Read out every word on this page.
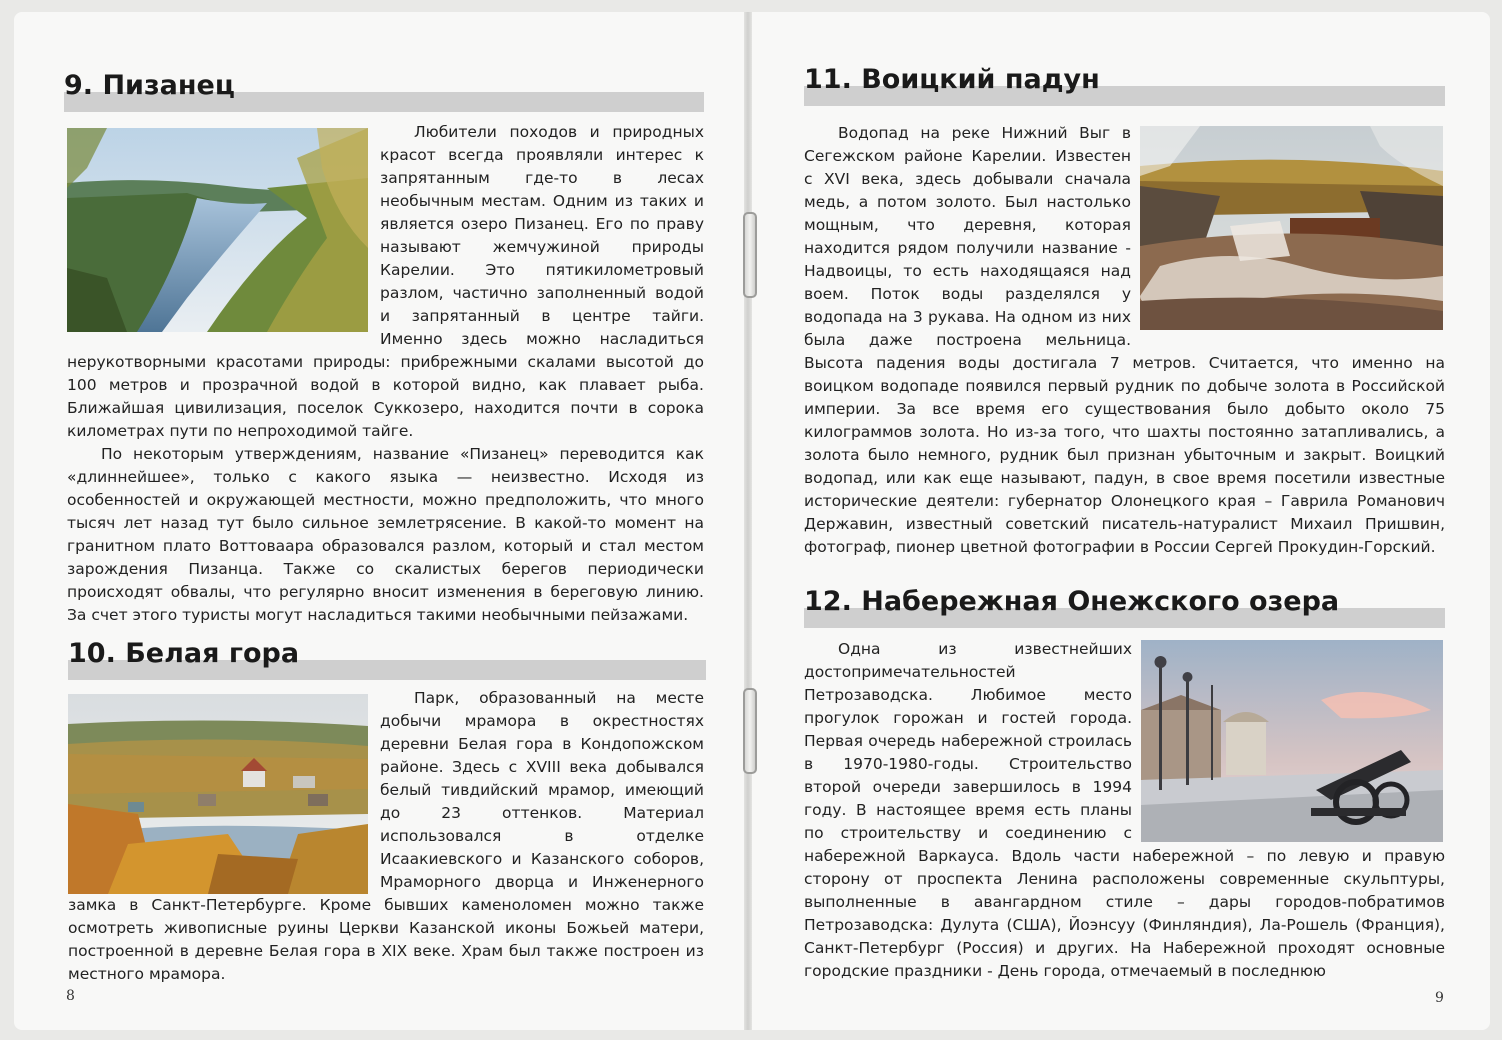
9. Пизанец

Любители походов и природных красот всегда проявляли интерес к запрятанным где-то в лесах необычным местам. Одним из таких и является озеро Пизанец. Его по праву называют жемчужиной природы Карелии. Это пятикилометровый разлом, частично заполненный водой и запрятанный в центре тайги. Именно здесь можно насладиться нерукотворными красотами природы: прибрежными скалами высотой до 100 метров и прозрачной водой в которой видно, как плавает рыба. Ближайшая цивилизация, поселок Суккозеро, находится почти в сорока километрах пути по непроходимой тайге.
По некоторым утверждениям, название «Пизанец» переводится как «длиннейшее», только с какого языка — неизвестно. Исходя из особенностей и окружающей местности, можно предположить, что много тысяч лет назад тут было сильное землетрясение. В какой-то момент на гранитном плато Воттоваара образовался разлом, который и стал местом зарождения Пизанца. Также со скалистых берегов периодически происходят обвалы, что регулярно вносит изменения в береговую линию. За счет этого туристы могут насладиться такими необычными пейзажами.

10. Белая гора

Парк, образованный на месте добычи мрамора в окрестностях деревни Белая гора в Кондопожском районе. Здесь с XVIII века добывался белый тивдийский мрамор, имеющий до 23 оттенков. Материал использовался в отделке Исаакиевского и Казанского соборов, Мраморного дворца и Инженерного замка в Санкт-Петербурге. Кроме бывших каменоломен можно также осмотреть живописные руины Церкви Казанской иконы Божьей матери, построенной в деревне Белая гора в XIX веке. Храм был также построен из местного мрамора.

8
11. Воицкий падун

Водопад на реке Нижний Выг в Сегежском районе Карелии. Известен с XVI века, здесь добывали сначала медь, а потом золото. Был настолько мощным, что деревня, которая находится рядом получили название - Надвоицы, то есть находящаяся над воем. Поток воды разделялся у водопада на 3 рукава. На одном из них была даже построена мельница. Высота падения воды достигала 7 метров. Считается, что именно на воицком водопаде появился первый рудник по добыче золота в Российской империи. За все время его существования было добыто около 75 килограммов золота. Но из-за того, что шахты постоянно затапливались, а золота было немного, рудник был признан убыточным и закрыт. Воицкий водопад, или как еще называют, падун, в свое время посетили известные исторические деятели: губернатор Олонецкого края – Гаврила Романович Державин, известный советский писатель-натуралист Михаил Пришвин, фотограф, пионер цветной фотографии в России Сергей Прокудин-Горский.

12. Набережная Онежского озера

Одна из известнейших достопримечательностей Петрозаводска. Любимое место прогулок горожан и гостей города. Первая очередь набережной строилась в 1970-1980-годы. Строительство второй очереди завершилось в 1994 году. В настоящее время есть планы по строительству и соединению с набережной Варкауса. Вдоль части набережной – по левую и правую сторону от проспекта Ленина расположены современные скульптуры, выполненные в авангардном стиле – дары городов-побратимов Петрозаводска: Дулута (США), Йоэнсуу (Финляндия), Ла-Рошель (Франция), Санкт-Петербург (Россия) и других. На Набережной проходят основные городские праздники - День города, отмечаемый в последнюю

9
